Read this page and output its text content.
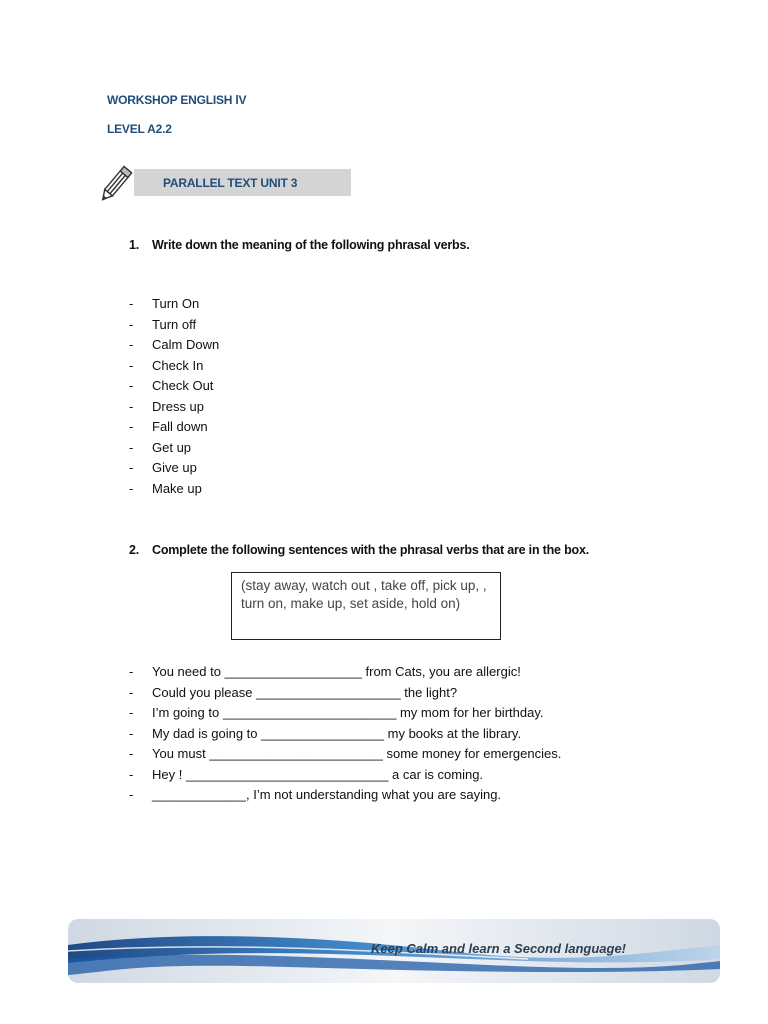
WORKSHOP ENGLISH lV
LEVEL A2.2
PARALLEL TEXT UNIT 3
1. Write down the meaning of the following phrasal verbs.
- Turn On
- Turn off
- Calm Down
- Check In
- Check Out
- Dress up
- Fall down
- Get up
- Give up
- Make up
2. Complete the following sentences with the phrasal verbs that are in the box.
(stay away, watch out , take off, pick up, , turn on, make up, set aside, hold on)
- You need to ___________________ from Cats, you are allergic!
- Could you please ____________________ the light?
- I’m going to ________________________ my mom for her birthday.
- My dad is going to _________________ my books at the library.
- You must ________________________ some money for emergencies.
- Hey ! ____________________________ a car is coming.
- _____________, I’m not understanding what you are saying.
Keep Calm and learn a Second language!
